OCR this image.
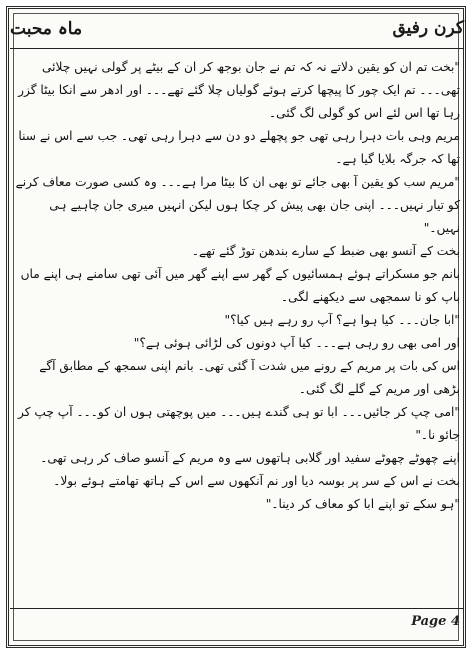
ماہ محبت	کرن رفیق

"بخت تم ان کو یقین دلاتے نہ کہ تم نے جان بوجھ کر ان کے بیٹے پر گولی نہیں چلائی تھی۔۔۔ تم ایک چور کا پیچھا کرتے ہوئے گولیاں چلا گئے تھے۔۔۔ اور ادھر سے انکا بیٹا گزر رہا تھا اس لئے اس کو گولی لگ گئی۔

مریم وہی بات دہرا رہی تھی جو پچھلے دو دن سے دہرا رہی تھی۔ جب سے اس نے سنا تھا کہ جرگہ بلایا گیا ہے۔

"مریم سب کو یقین آ بھی جائے تو بھی ان کا بیٹا مرا ہے۔۔۔ وہ کسی صورت معاف کرنے کو تیار نہیں۔۔۔ اپنی جان بھی پیش کر چکا ہوں لیکن انہیں میری جان چاہیے ہی نہیں۔"

بخت کے آنسو بھی ضبط کے سارے بندھن توڑ گئے تھے۔

بانم جو مسکراتے ہوئے ہمسائیوں کے گھر سے اپنے گھر میں آئی تھی سامنے ہی اپنے ماں باپ کو نا سمجھی سے دیکھنے لگی۔

"ابا جان۔۔۔ کیا ہوا ہے؟ آپ رو رہے ہیں کیا؟"

اور امی بھی رو رہی ہے۔۔۔ کیا آپ دونوں کی لڑائی ہوئی ہے؟"

اس کی بات پر مریم کے رونے میں شدت آ گئی تھی۔ بانم اپنی سمجھ کے مطابق آگے بڑھی اور مریم کے گلے لگ گئی۔

"امی چپ کر جائیں۔۔۔ ابا تو ہی گندے ہیں۔۔۔ میں پوچھتی ہوں ان کو۔۔۔ آپ چپ کر جائو نا۔"

اپنے چھوٹے چھوٹے سفید اور گلابی ہاتھوں سے وہ مریم کے آنسو صاف کر رہی تھی۔

بخت نے اس کے سر پر بوسہ دیا اور نم آنکھوں سے اس کے ہاتھ تھامتے ہوئے بولا۔

"ہو سکے تو اپنے ابا کو معاف کر دینا۔"

Page 4
